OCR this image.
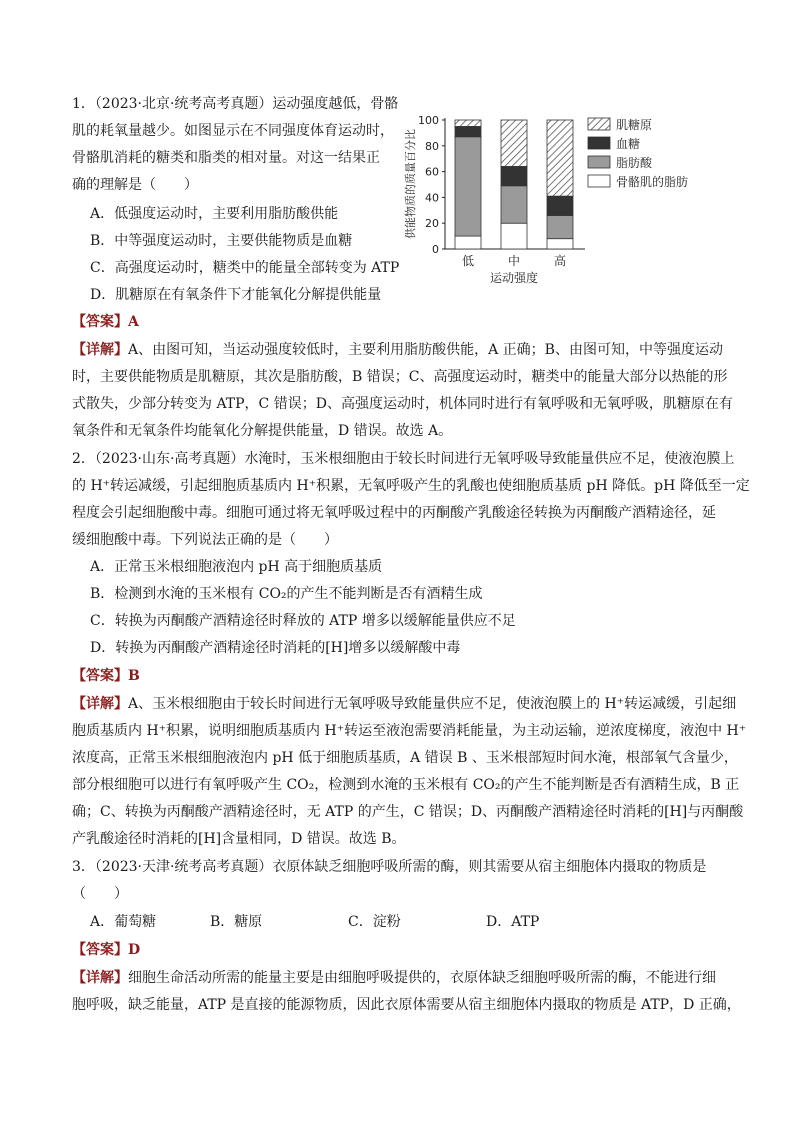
1．（2023·北京·统考高考真题）运动强度越低，骨骼
肌的耗氧量越少。如图显示在不同强度体育运动时，
骨骼肌消耗的糖类和脂类的相对量。对这一结果正
确的理解是（　　）
A．低强度运动时，主要利用脂肪酸供能
B．中等强度运动时，主要供能物质是血糖
C．高强度运动时，糖类中的能量全部转变为 ATP
D．肌糖原在有氧条件下才能氧化分解提供能量
供能物质的质量百分比
0
20
40
60
80
100
低	中	高
运动强度
肌糖原
血糖
脂肪酸
骨骼肌的脂肪
【答案】A
【详解】A、由图可知，当运动强度较低时，主要利用脂肪酸供能，A 正确；B、由图可知，中等强度运动
时，主要供能物质是肌糖原，其次是脂肪酸，B 错误；C、高强度运动时，糖类中的能量大部分以热能的形
式散失，少部分转变为 ATP，C 错误；D、高强度运动时，机体同时进行有氧呼吸和无氧呼吸，肌糖原在有
氧条件和无氧条件均能氧化分解提供能量，D 错误。故选 A。
2．（2023·山东·高考真题）水淹时，玉米根细胞由于较长时间进行无氧呼吸导致能量供应不足，使液泡膜上
的 H⁺转运减缓，引起细胞质基质内 H⁺积累，无氧呼吸产生的乳酸也使细胞质基质 pH 降低。pH 降低至一定
程度会引起细胞酸中毒。细胞可通过将无氧呼吸过程中的丙酮酸产乳酸途径转换为丙酮酸产酒精途径，延
缓细胞酸中毒。下列说法正确的是（　　）
A．正常玉米根细胞液泡内 pH 高于细胞质基质
B．检测到水淹的玉米根有 CO₂的产生不能判断是否有酒精生成
C．转换为丙酮酸产酒精途径时释放的 ATP 增多以缓解能量供应不足
D．转换为丙酮酸产酒精途径时消耗的[H]增多以缓解酸中毒
【答案】B
【详解】A、玉米根细胞由于较长时间进行无氧呼吸导致能量供应不足，使液泡膜上的 H⁺转运减缓，引起细
胞质基质内 H⁺积累，说明细胞质基质内 H⁺转运至液泡需要消耗能量，为主动运输，逆浓度梯度，液泡中 H⁺
浓度高，正常玉米根细胞液泡内 pH 低于细胞质基质，A 错误 B 、玉米根部短时间水淹，根部氧气含量少，
部分根细胞可以进行有氧呼吸产生 CO₂，检测到水淹的玉米根有 CO₂的产生不能判断是否有酒精生成，B 正
确；C、转换为丙酮酸产酒精途径时，无 ATP 的产生，C 错误；D、丙酮酸产酒精途径时消耗的[H]与丙酮酸
产乳酸途径时消耗的[H]含量相同，D 错误。故选 B。
3．（2023·天津·统考高考真题）衣原体缺乏细胞呼吸所需的酶，则其需要从宿主细胞体内摄取的物质是
（　　）
A．葡萄糖	B．糖原	C．淀粉	D．ATP
【答案】D
【详解】细胞生命活动所需的能量主要是由细胞呼吸提供的，衣原体缺乏细胞呼吸所需的酶，不能进行细
胞呼吸，缺乏能量，ATP 是直接的能源物质，因此衣原体需要从宿主细胞体内摄取的物质是 ATP，D 正确，
